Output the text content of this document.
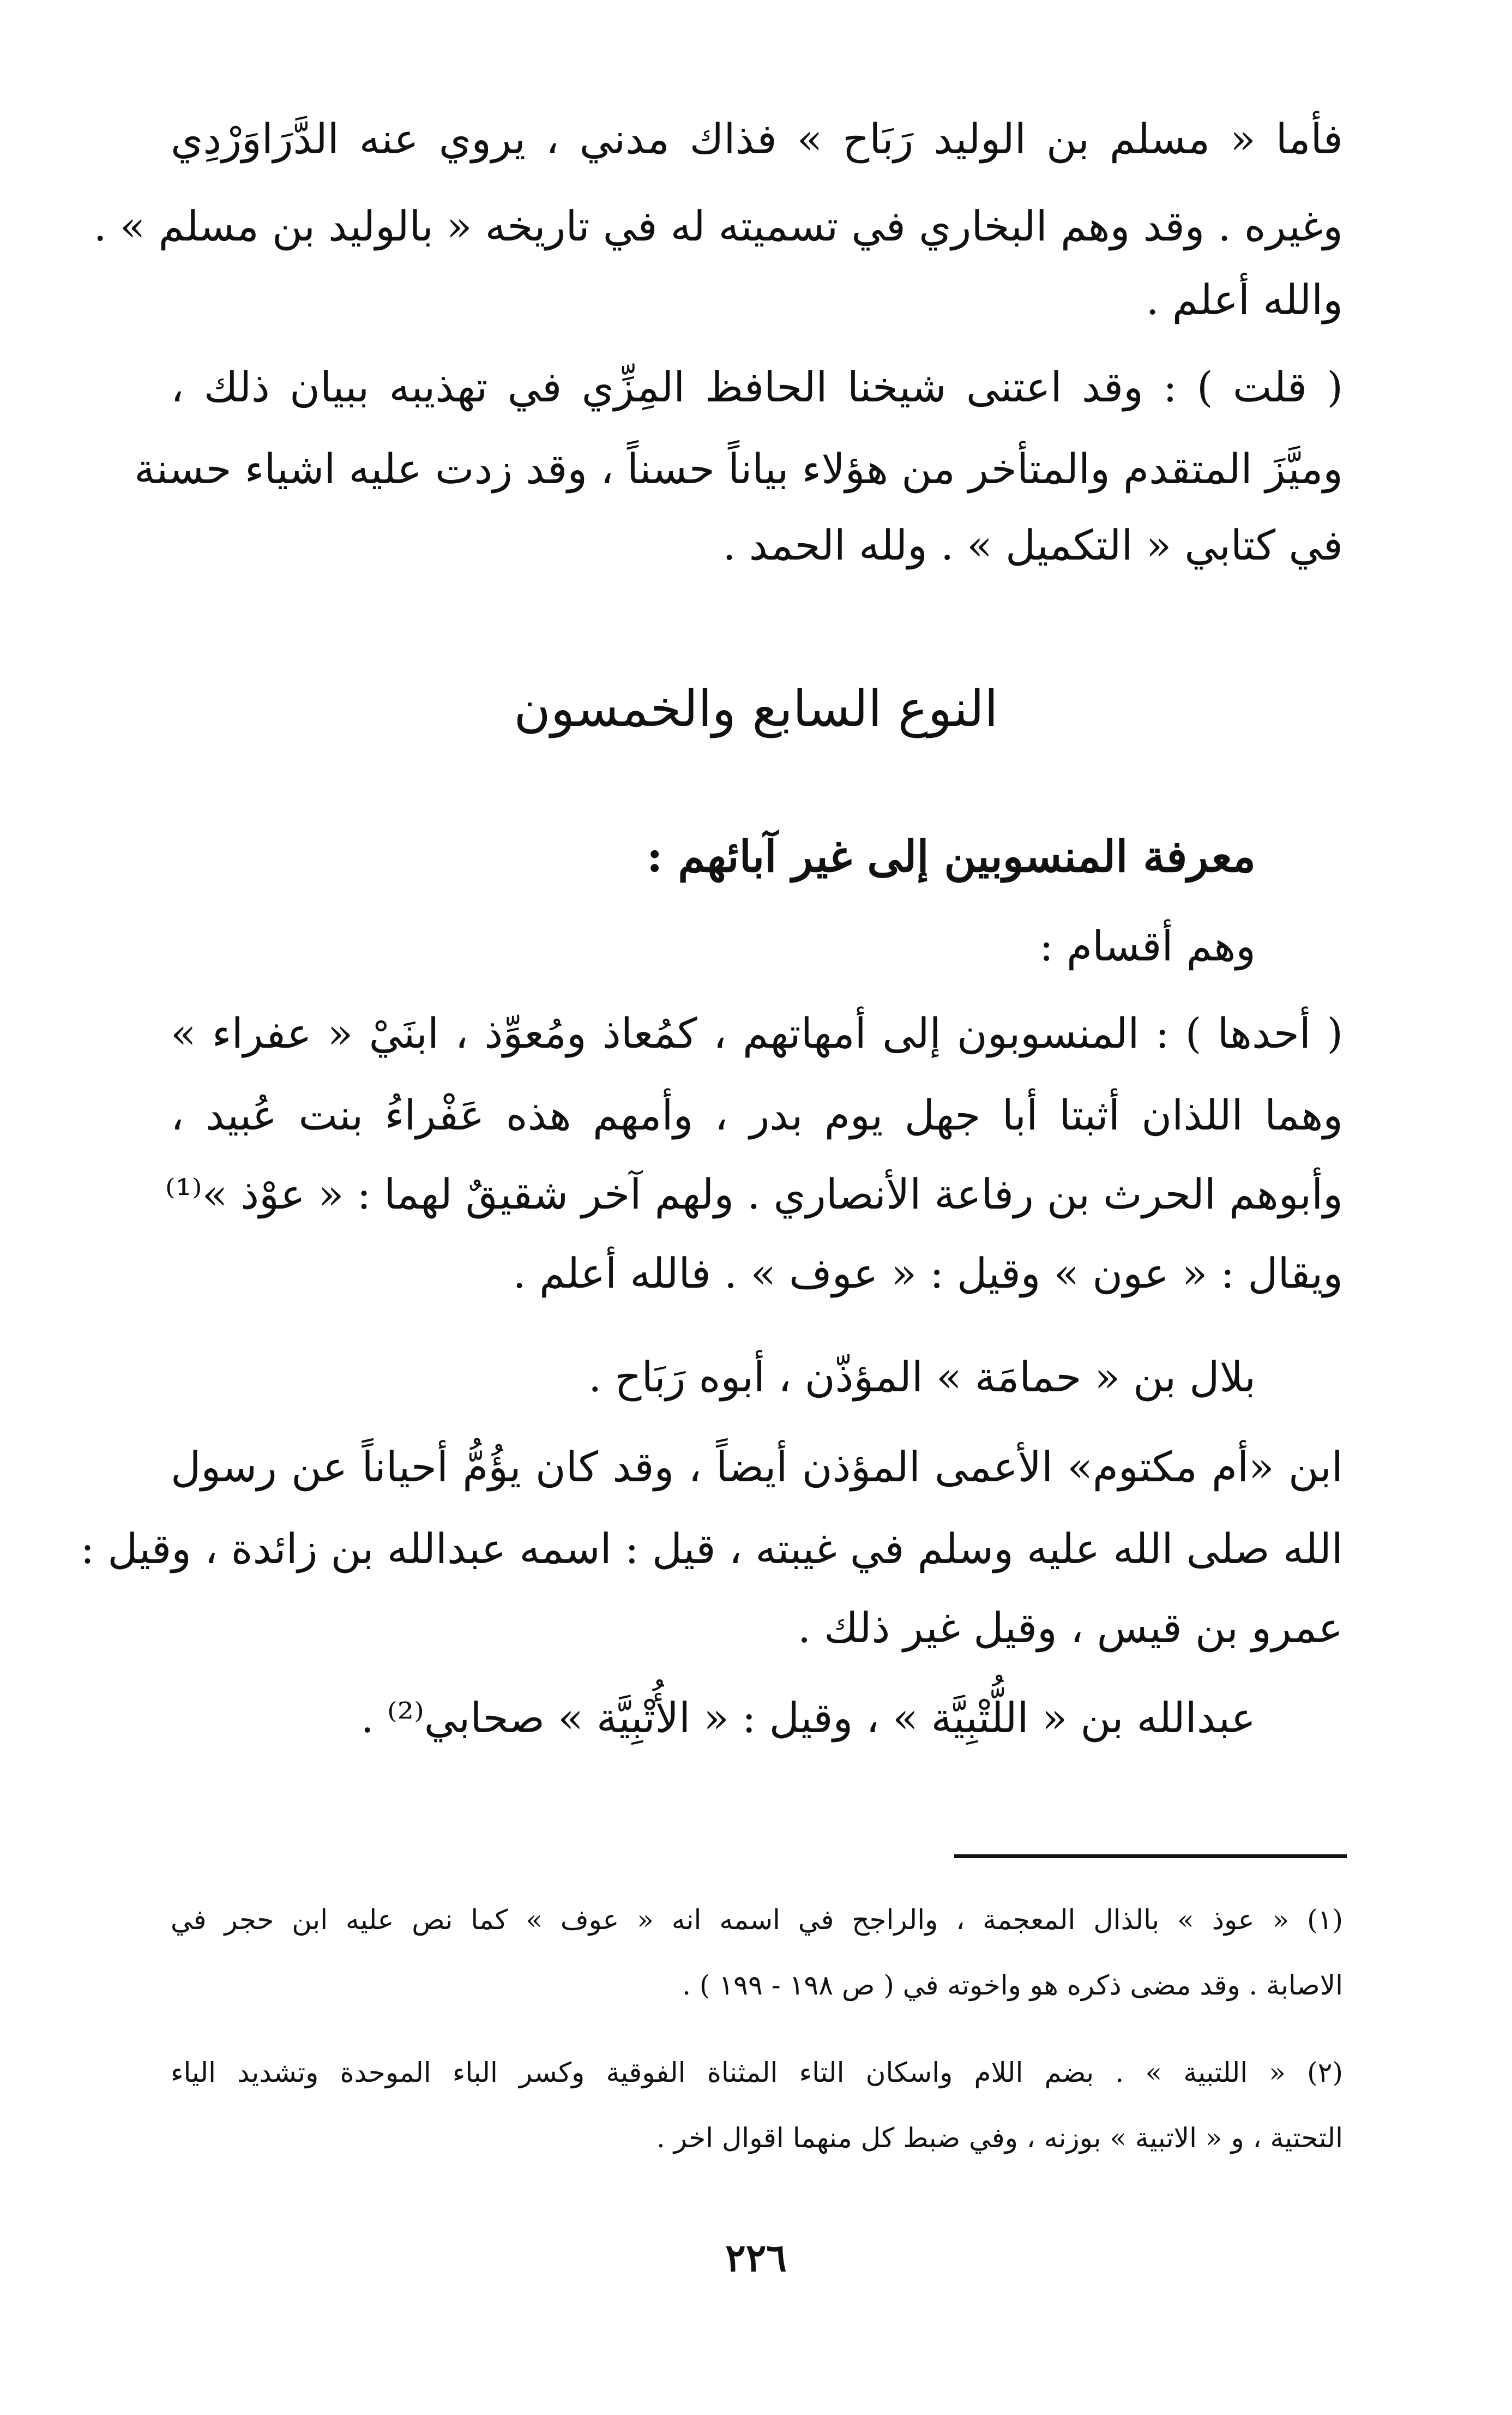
فأما « مسلم بن الوليد رَبَاح » فذاك مدني ، يروي عنه الدَّرَاوَرْدِي
وغيره . وقد وهم البخاري في تسميته له في تاريخه « بالوليد بن مسلم » .
والله أعلم .
( قلت ) : وقد اعتنى شيخنا الحافظ المِزِّي في تهذيبه ببيان ذلك ،
وميَّزَ المتقدم والمتأخر من هؤلاء بياناً حسناً ، وقد زدت عليه اشياء حسنة
في كتابي « التكميل » . ولله الحمد .
النوع السابع والخمسون
معرفة المنسوبين إلى غير آبائهم :
وهم أقسام :
( أحدها ) : المنسوبون إلى أمهاتهم ، كمُعاذ ومُعوِّذ ، ابنَيْ « عفراء »
وهما اللذان أثبتا أبا جهل يوم بدر ، وأمهم هذه عَفْراءُ بنت عُبيد ،
وأبوهم الحرث بن رفاعة الأنصاري . ولهم آخر شقيقٌ لهما : « عوْذ »⁽¹⁾
ويقال : « عون » وقيل : « عوف » . فالله أعلم .
بلال بن « حمامَة » المؤذّن ، أبوه رَبَاح .
ابن «أم مكتوم» الأعمى المؤذن أيضاً ، وقد كان يؤُمُّ أحياناً عن رسول
الله صلى الله عليه وسلم في غيبته ، قيل : اسمه عبدالله بن زائدة ، وقيل :
عمرو بن قيس ، وقيل غير ذلك .
عبدالله بن « اللُّتْبِيَّة » ، وقيل : « الأُتْبِيَّة » صحابي⁽²⁾ .
(١) « عوذ » بالذال المعجمة ، والراجح في اسمه انه « عوف » كما نص عليه ابن حجر في
الاصابة . وقد مضى ذكره هو واخوته في ( ص ١٩٨ - ١٩٩ ) .
(٢) « اللتبية » . بضم اللام واسكان التاء المثناة الفوقية وكسر الباء الموحدة وتشديد الياء
التحتية ، و « الاتبية » بوزنه ، وفي ضبط كل منهما اقوال اخر .
٢٢٦
